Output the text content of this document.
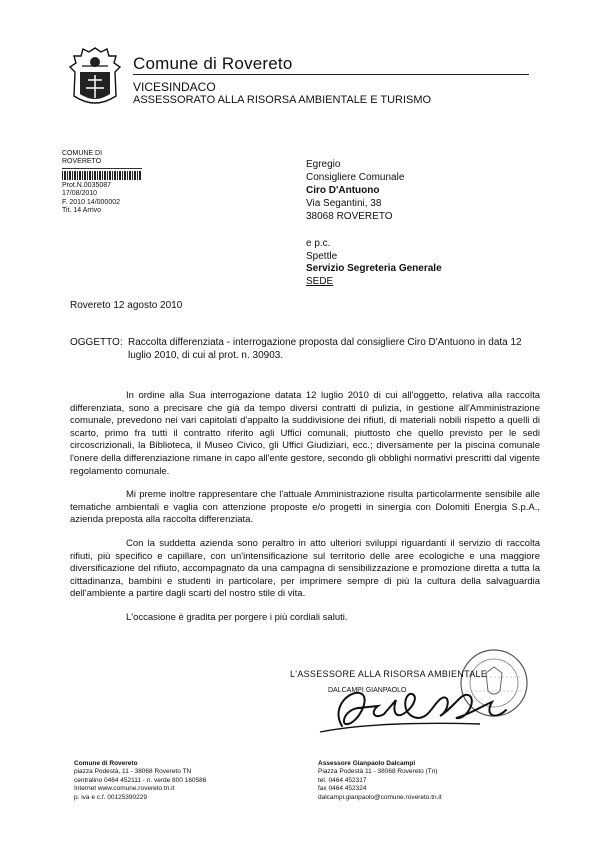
Comune di Rovereto
VICESINDACO
ASSESSORATO ALLA RISORSA AMBIENTALE E TURISMO
COMUNE DI ROVERETO
Prot.N.0035087 17/08/2010
F. 2010 14/000002
Tit. 14 Arrivo
Egregio
Consigliere Comunale
Ciro D'Antuono
Via Segantini, 38
38068 ROVERETO
e p.c.
Spettle
Servizio Segreteria Generale
SEDE
Rovereto 12 agosto 2010
OGGETTO: Raccolta differenziata - interrogazione proposta dal consigliere Ciro D'Antuono in data 12 luglio 2010, di cui al prot. n. 30903.

In ordine alla Sua interrogazione datata 12 luglio 2010 di cui all'oggetto, relativa alla raccolta differenziata, sono a precisare che già da tempo diversi contratti di pulizia, in gestione all'Amministrazione comunale, prevedono nei vari capitolati d'appalto la suddivisione dei rifiuti, di materiali nobili rispetto a quelli di scarto, primo fra tutti il contratto riferito agli Uffici comunali, piuttosto che quello previsto per le sedi circoscrizionali, la Biblioteca, il Museo Civico, gli Uffici Giudiziari, ecc.; diversamente per la piscina comunale l'onere della differenziazione rimane in capo all'ente gestore, secondo gli obblighi normativi prescritti dal vigente regolamento comunale.

Mi preme inoltre rappresentare che l'attuale Amministrazione risulta particolarmente sensibile alle tematiche ambientali e vaglia con attenzione proposte e/o progetti in sinergia con Dolomiti Energia S.p.A., azienda preposta alla raccolta differenziata.

Con la suddetta azienda sono peraltro in atto ulteriori sviluppi riguardanti il servizio di raccolta rifiuti, più specifico e capillare, con un'intensificazione sul territorio delle aree ecologiche e una maggiore diversificazione del rifiuto, accompagnato da una campagna di sensibilizzazione e promozione diretta a tutta la cittadinanza, bambini e studenti in particolare, per imprimere sempre di più la cultura della salvaguardia dell'ambiente a partire dagli scarti del nostro stile di vita.

L'occasione è gradita per porgere i più cordiali saluti.

L'ASSESSORE ALLA RISORSA AMBIENTALE
DALCAMPI GIANPAOLO
Comune di Rovereto
piazza Podestà, 11 - 38068 Rovereto TN
centralino 0464 452111 - n. verde 800 160586
Internet www.comune.rovereto.tn.it
p. iva e c.f. 00125390229
Assessore Gianpaolo Dalcampi
Piazza Podestà 11 - 38068 Rovereto (Tn)
tel. 0464 452317
fax 0464 452324
dalcampi.gianpaolo@comune.rovereto.tn.it
